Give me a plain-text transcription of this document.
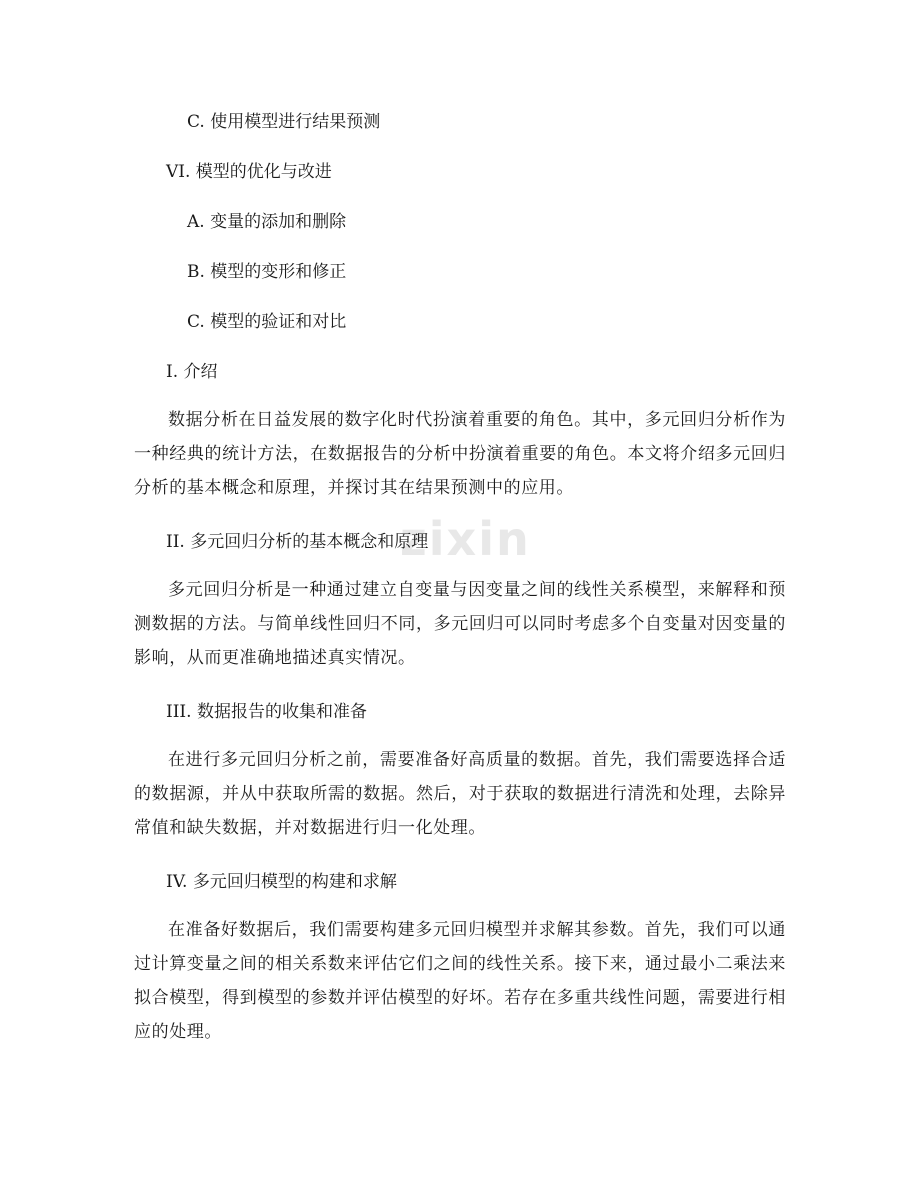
zixin
C. 使用模型进行结果预测
VI. 模型的优化与改进
A. 变量的添加和删除
B. 模型的变形和修正
C. 模型的验证和对比
I. 介绍
数据分析在日益发展的数字化时代扮演着重要的角色。其中，多元回归分析作为一种经典的统计方法，在数据报告的分析中扮演着重要的角色。本文将介绍多元回归分析的基本概念和原理，并探讨其在结果预测中的应用。
II. 多元回归分析的基本概念和原理
多元回归分析是一种通过建立自变量与因变量之间的线性关系模型，来解释和预测数据的方法。与简单线性回归不同，多元回归可以同时考虑多个自变量对因变量的影响，从而更准确地描述真实情况。
III. 数据报告的收集和准备
在进行多元回归分析之前，需要准备好高质量的数据。首先，我们需要选择合适的数据源，并从中获取所需的数据。然后，对于获取的数据进行清洗和处理，去除异常值和缺失数据，并对数据进行归一化处理。
IV. 多元回归模型的构建和求解
在准备好数据后，我们需要构建多元回归模型并求解其参数。首先，我们可以通过计算变量之间的相关系数来评估它们之间的线性关系。接下来，通过最小二乘法来拟合模型，得到模型的参数并评估模型的好坏。若存在多重共线性问题，需要进行相应的处理。
